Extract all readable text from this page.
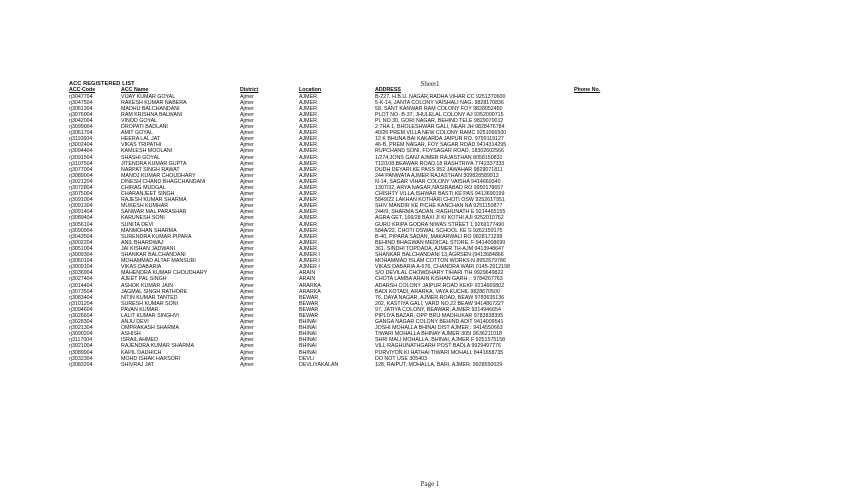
Sheet1
ACC REGISTERED LIST
ACC Code	ACC Name	District	Location	ADDRESS	Phone No.	
rj3047704	VIJAY KUMAR GOYAL	Ajmer	AJMER	B-227, H.B.U. NAGAR,RADHA VIHAR CC 9251370600		
rj3047504	RAKESH KUMAR NABERA	Ajmer	AJMER	5-K-14, JANTA COLONY VAISHALI NAG. 9828170836		
rj3061304	MADHU BALCHANDANI	Ajmer	AJMER	58, SANT KANWAR RAM COLONY FOY 9828052450		
rj3076004	RAM KRISHNA BALWANI	Ajmer	AJMER	PLOT NO- B-37, JHULELAL COLONY AJ 9352000715		
rj3042004	VINOD GOYAL	Ajmer	AJMER	PL NO 30, GORI NAGAR, BEHIND TELE 9829070012		
rj3099004	DROPATI BADLANI	Ajmer	AJMER	2 THA 1, BHOLESHWAR GALI, NEAR JH 9828476784		
rj3061704	AMIT GOYAL	Ajmer	AJMER	40/26 PREM VILLA NEW COLONY RAMC 9251066500		
rj3110604	HEERA LAL JAT	Ajmer	AJMER	12 K BHUNA BAI KAKARDA JAIPUR RO. 9799119127		
rj3002404	VIKAS TRIPATHI	Ajmer	AJMER	46-B, PREM NAGAR, FOY SAGAR ROAD 9414314295		
rj3094404	KAMLESH MOOLANI	Ajmer	AJMER	RUPCHAND SONI, FOYSAGAR ROAD, 18302602566		
rj3091504	SHASHI GOYAL	Ajmer	AJMER	1/274,JONS GANJ AJMER RAJASTHAN 8058150831		
rj3107504	JITENDRA KUMAR GUPTA	Ajmer	AJMER	712/108,BEAWAR ROAD,18 RASHTRIYA 7742337333		
rj3077004	NARPAT SINGH RAWAT	Ajmer	AJMER	DUDH DEYARI KE PASS 952 JAWAHAR 9829071811		
rj3089004	MANOJ KUMAR CHOUDHARY	Ajmer	AJMER	244 PANWATA AJMER RAJASTHAN 309828589913		
rj3021204	DINESH CHAND BHAGCHANDANI	Ajmer	AJMER	N-14, SAGAR VIHAR COLONY VAISHA 9414669340		
rj3072804	CHIRAG MUDGAL	Ajmer	AJMER	1307/32, ARYA NAGAR,NASIRABAD RO 9950178657		
rj3075004	CHARANJEET SINGH	Ajmer	AJMER	CHISHTY VILLA,ISHWAR BASTI KE PAS 9413690199		
rj3091004	RAJESH KUMAR SHARMA	Ajmer	AJMER	5849/22 LAKHAN KOTHARI CHOTI OSW 9252617951		
rj3091304	MUKESH KUMHAR	Ajmer	AJMER	SHIV MANDIR KE PICHE KANCHAN NA 9251150877		
rj3091404	SANWAR MAL PARASHAR	Ajmer	AJMER	244/9, SHARMA SADAN, RAGHUNATH E 9214465155		
rj3089404	KARUNESH SONI	Ajmer	AJMER	AGRA GET, 166/28 BAXI JI KI KOTHI AJI 9252010762		
rj3056104	SUNITA DEVI	Ajmer	AJMER	GURU KRIPA GODRA NIWAS STREET 1 9269177490		
rj3090904	MANMOHAN SHARMA	Ajmer	AJMER	584A/22, CHOTI OSWAL SCHOOL KE S 9262159175		
rj3043504	SURENDRA KUMAR PIPARA	Ajmer	AJMER	B-40, PIPARA SADAN, MAKARWALI RO 9828171299		
rj3002204	ANIL BHARDWAJ	Ajmer	AJMER	BEHIND BHAGWAN MEDICAL STORE, F 9414008699		
rj3051004	JAI KISHAN JADWANI	Ajmer	AJMER	361, SINDHI TOPDADA, AJMER TH-AJM 9413948647		
rj3009304	SHANKAR BALCHANDANI	Ajmer	AJMER I	SHANKAR BALCHANDANI 13,AGRSEN (9413684866		
rj3060104	MOHAMMAD ALTAF MANSURI	Ajmer	AJMER I	MOHAMMAD ISLAM COTTON WORKS N 8952679786		
rj3009104	VIKAS DABARIA	Ajmer	AJMER I	VIKAS DABARIA A-676, CHANDRA WARI 0145-2912198		
rj3036904	MAHENDRA KUMAR CHOUDHARY	Ajmer	ARAIN	S/O DEVILAL CHOWDHARY TIHARI TIH 9929649822		
rj3027404	AJEET PAL SINGH	Ajmer	ARAIN	CHOTA LAMBA ARAIN KISHAN GARH :: 9784267763		
rj3014404	ASHOK KUMAR JAIN	Ajmer	ARARKA	ADARSH COLONY JAIPUR ROAD KEKF 9214665802		
rj3073504	JAGMAL SINGH RATHORE	Ajmer	ARARKA	BADI KOTADI, ARARKA, VAYA KUCHIL 9828670500		
rj3083404	NITIN KUMAR TANTED	Ajmer	BEWAR	76, DAYA NAGAR, AJMER ROAD, BEAW 9783635136		
rj3101204	SURESH KUMAR SONI	Ajmer	BEWAR	202, KASTIYA GALI, VARD NO,22 BEAW 9414867227		
rj3094604	PAVAN KUMAR	Ajmer	BEWAR	97, JATIYA COLONY, BEAWAR, AJMER 9314946654		
rj3026604	LALIT KUMAR SINGHVI	Ajmer	BEWAR	PIPLIYA BAZAR, OPP BRIJ MADHUKAR 9783838395		
rj3028304	ANJU DEVI	Ajmer	BHINAI	GANGA NAGAR COLONY BEHIND ADIT 9414009541		
rj3021304	OMPRAKASH SHARMA	Ajmer	BHINAI	JOSHI MOHALLA BHINAI DIST AJMER : 9414550663		
rj3090204	ASHISH	Ajmer	BHINAI	TIWARI MOHALLA BHINAY AJMER 305I 9636211018		
rj3117004	ISRAIL AHMED	Ajmer	BHINAI	SHRI MALI MOHALLA, BHINAI, AJMER F 9251575158		
rj3021004	RAJENDRA KUMAR SHARMA	Ajmer	BHINAI	VILL RAGHUNATHGARH POST BADLA 9929497776		
rj3089904	KAPIL DADHICH	Ajmer	BHINAI	PURVIYON KI HATHAI TIWARI MOHALL 8441658735		
rj3032304	MOHD ISHAK HARSORI	Ajmer	DEVLI	DO NOT USE 305403		
rj3083204	SHIVRAJ JAT	Ajmer	DEVLIYAKALAN	128, RAIPUT, MOHALLA, BARI, AJMER, 9928550029		
Page 1
